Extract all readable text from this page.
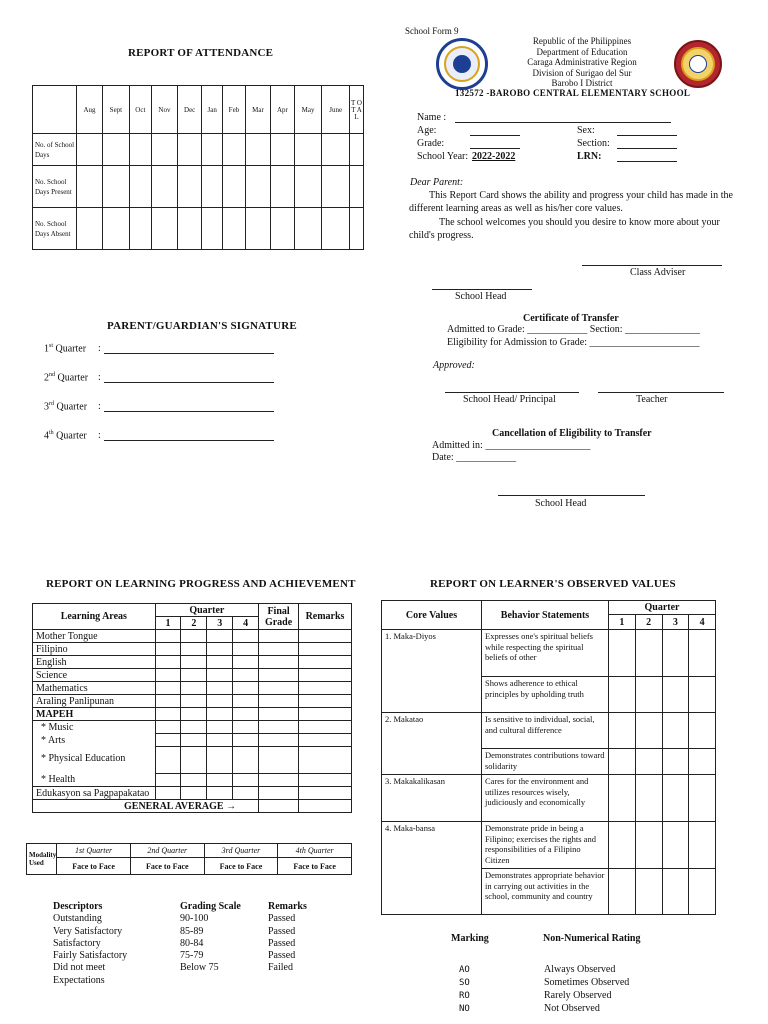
REPORT OF ATTENDANCE
	Aug	Sept	Oct	Nov	Dec	Jan	Feb	Mar	Apr	May	June	T O T A L
No. of School Days												
No. School Days Present												
No. School Days Absent												
PARENT/GUARDIAN'S SIGNATURE
1st Quarter :
2nd Quarter :
3rd Quarter :
4th Quarter :
School Form 9
Republic of the Philippines
Department of Education
Caraga Administrative Region
Division of Surigao del Sur
Barobo I District
132572 -BAROBO CENTRAL ELEMENTARY SCHOOL
Name :
Age:	Sex:
Grade:	Section:
School Year: 2022-2022	LRN:
Dear Parent:
This Report Card shows the ability and progress your child has made in the different learning areas as well as his/her core values.
The school welcomes you should you desire to know more about your child's progress.
Class Adviser
School Head
Certificate of Transfer
Admitted to Grade: ____________ Section: _______________
Eligibility for Admission to Grade: ______________________
Approved:
School Head/ Principal	Teacher
Cancellation of Eligibility to Transfer
Admitted in: _____________________
Date: ____________
School Head
REPORT ON LEARNING PROGRESS AND ACHIEVEMENT
Learning Areas	Quarter				Final Grade	Remarks
	1	2	3	4		
Mother Tongue						
Filipino						
English						
Science						
Mathematics						
Araling Panlipunan						
MAPEH						

* Music
* Arts
* Physical Education
* Health						

Edukasyon sa Pagpapakatao						
GENERAL AVERAGE →						
Modality Used	1st Quarter	2nd Quarter	3rd Quarter	4th Quarter
	Face to Face	Face to Face	Face to Face	Face to Face
Descriptors	Grading Scale	Remarks
Outstanding	90-100	Passed
Very Satisfactory	85-89	Passed
Satisfactory	80-84	Passed
Fairly Satisfactory	75-79	Passed
Did not meet	Below 75	Failed
Expectations
REPORT ON LEARNER'S OBSERVED VALUES
Core Values	Behavior Statements	Quarter			
		1	2	3	4
1. Maka-Diyos	Expresses one's spiritual beliefs while respecting the spiritual beliefs of other				
	Shows adherence to ethical principles by upholding truth				
2. Makatao	Is sensitive to individual, social, and cultural difference				
	Demonstrates contributions toward solidarity				
3. Makakalikasan	Cares for the environment and utilizes resources wisely, judiciously and economically				
4. Maka-bansa	Demonstrate pride in being a Filipino; exercises the rights and responsibilities of a Filipino Citizen				
	Demonstrates appropriate behavior in carrying out activities in the school, community and country				
Marking	Non-Numerical Rating
AO	Always Observed
SO	Sometimes Observed
RO	Rarely Observed
NO	Not Observed
